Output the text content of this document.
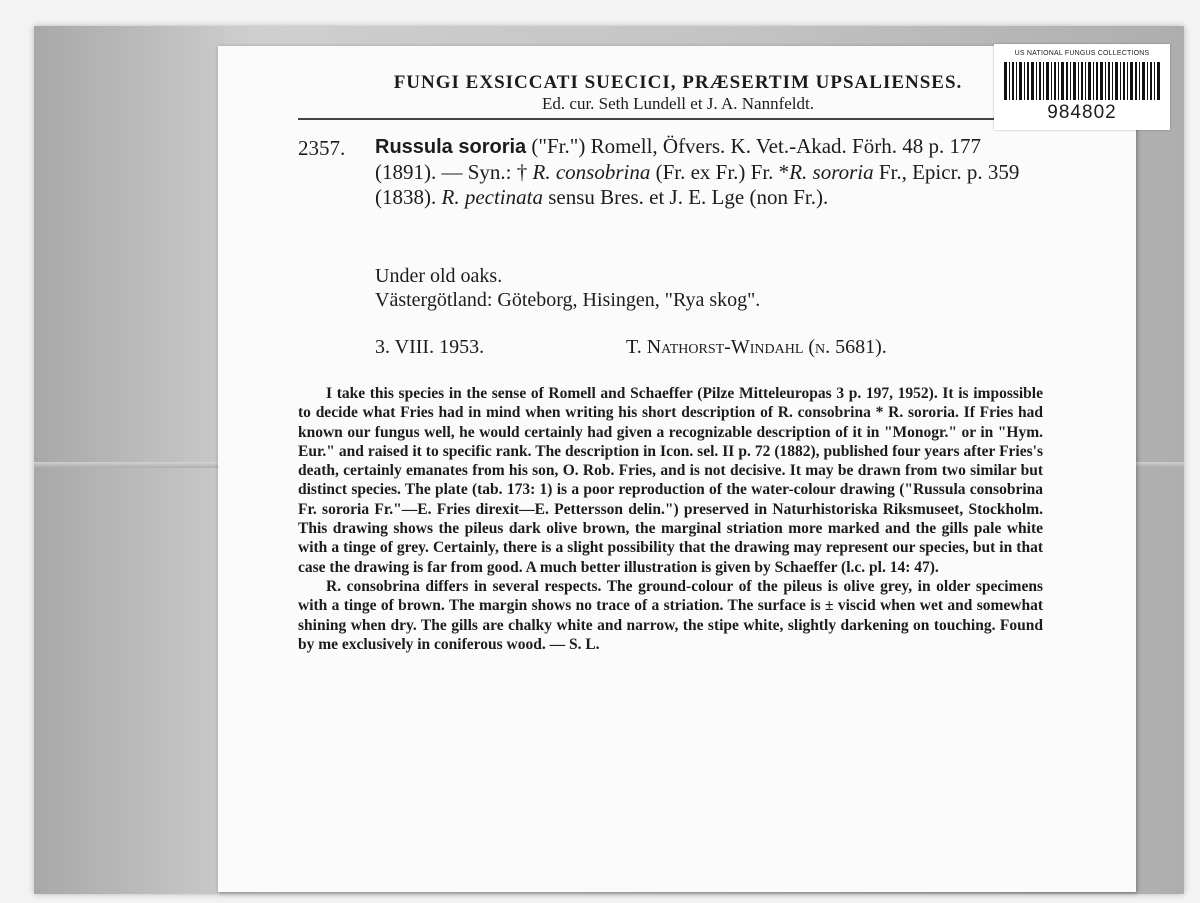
FUNGI EXSICCATI SUECICI, PRÆSERTIM UPSALIENSES.
Ed. cur. Seth Lundell et J. A. Nannfeldt.
2357. Russula sororia ("Fr.") Romell, Öfvers. K. Vet.-Akad. Förh. 48 p. 177 (1891). — Syn.: † R. consobrina (Fr. ex Fr.) Fr. *R. sororia Fr., Epicr. p. 359 (1838). R. pectinata sensu Bres. et J. E. Lge (non Fr.).
Under old oaks.
Västergötland: Göteborg, Hisingen, "Rya skog".
3. VIII. 1953.	T. Nathorst-Windahl (n. 5681).

I take this species in the sense of Romell and Schaeffer (Pilze Mitteleuropas 3 p. 197, 1952). It is impossible to decide what Fries had in mind when writing his short description of R. consobrina * R. sororia. If Fries had known our fungus well, he would certainly had given a recognizable description of it in "Monogr." or in "Hym. Eur." and raised it to specific rank. The description in Icon. sel. II p. 72 (1882), published four years after Fries's death, certainly emanates from his son, O. Rob. Fries, and is not decisive. It may be drawn from two similar but distinct species. The plate (tab. 173: 1) is a poor reproduction of the water-colour drawing ("Russula consobrina Fr. sororia Fr."—E. Fries direxit—E. Pettersson delin.") preserved in Naturhistoriska Riksmuseet, Stockholm. This drawing shows the pileus dark olive brown, the marginal striation more marked and the gills pale white with a tinge of grey. Certainly, there is a slight possibility that the drawing may represent our species, but in that case the drawing is far from good. A much better illustration is given by Schaeffer (l.c. pl. 14: 47).

R. consobrina differs in several respects. The ground-colour of the pileus is olive grey, in older specimens with a tinge of brown. The margin shows no trace of a striation. The surface is ± viscid when wet and somewhat shining when dry. The gills are chalky white and narrow, the stipe white, slightly darkening on touching. Found by me exclusively in coniferous wood. — S. L.

US NATIONAL FUNGUS COLLECTIONS
984802
